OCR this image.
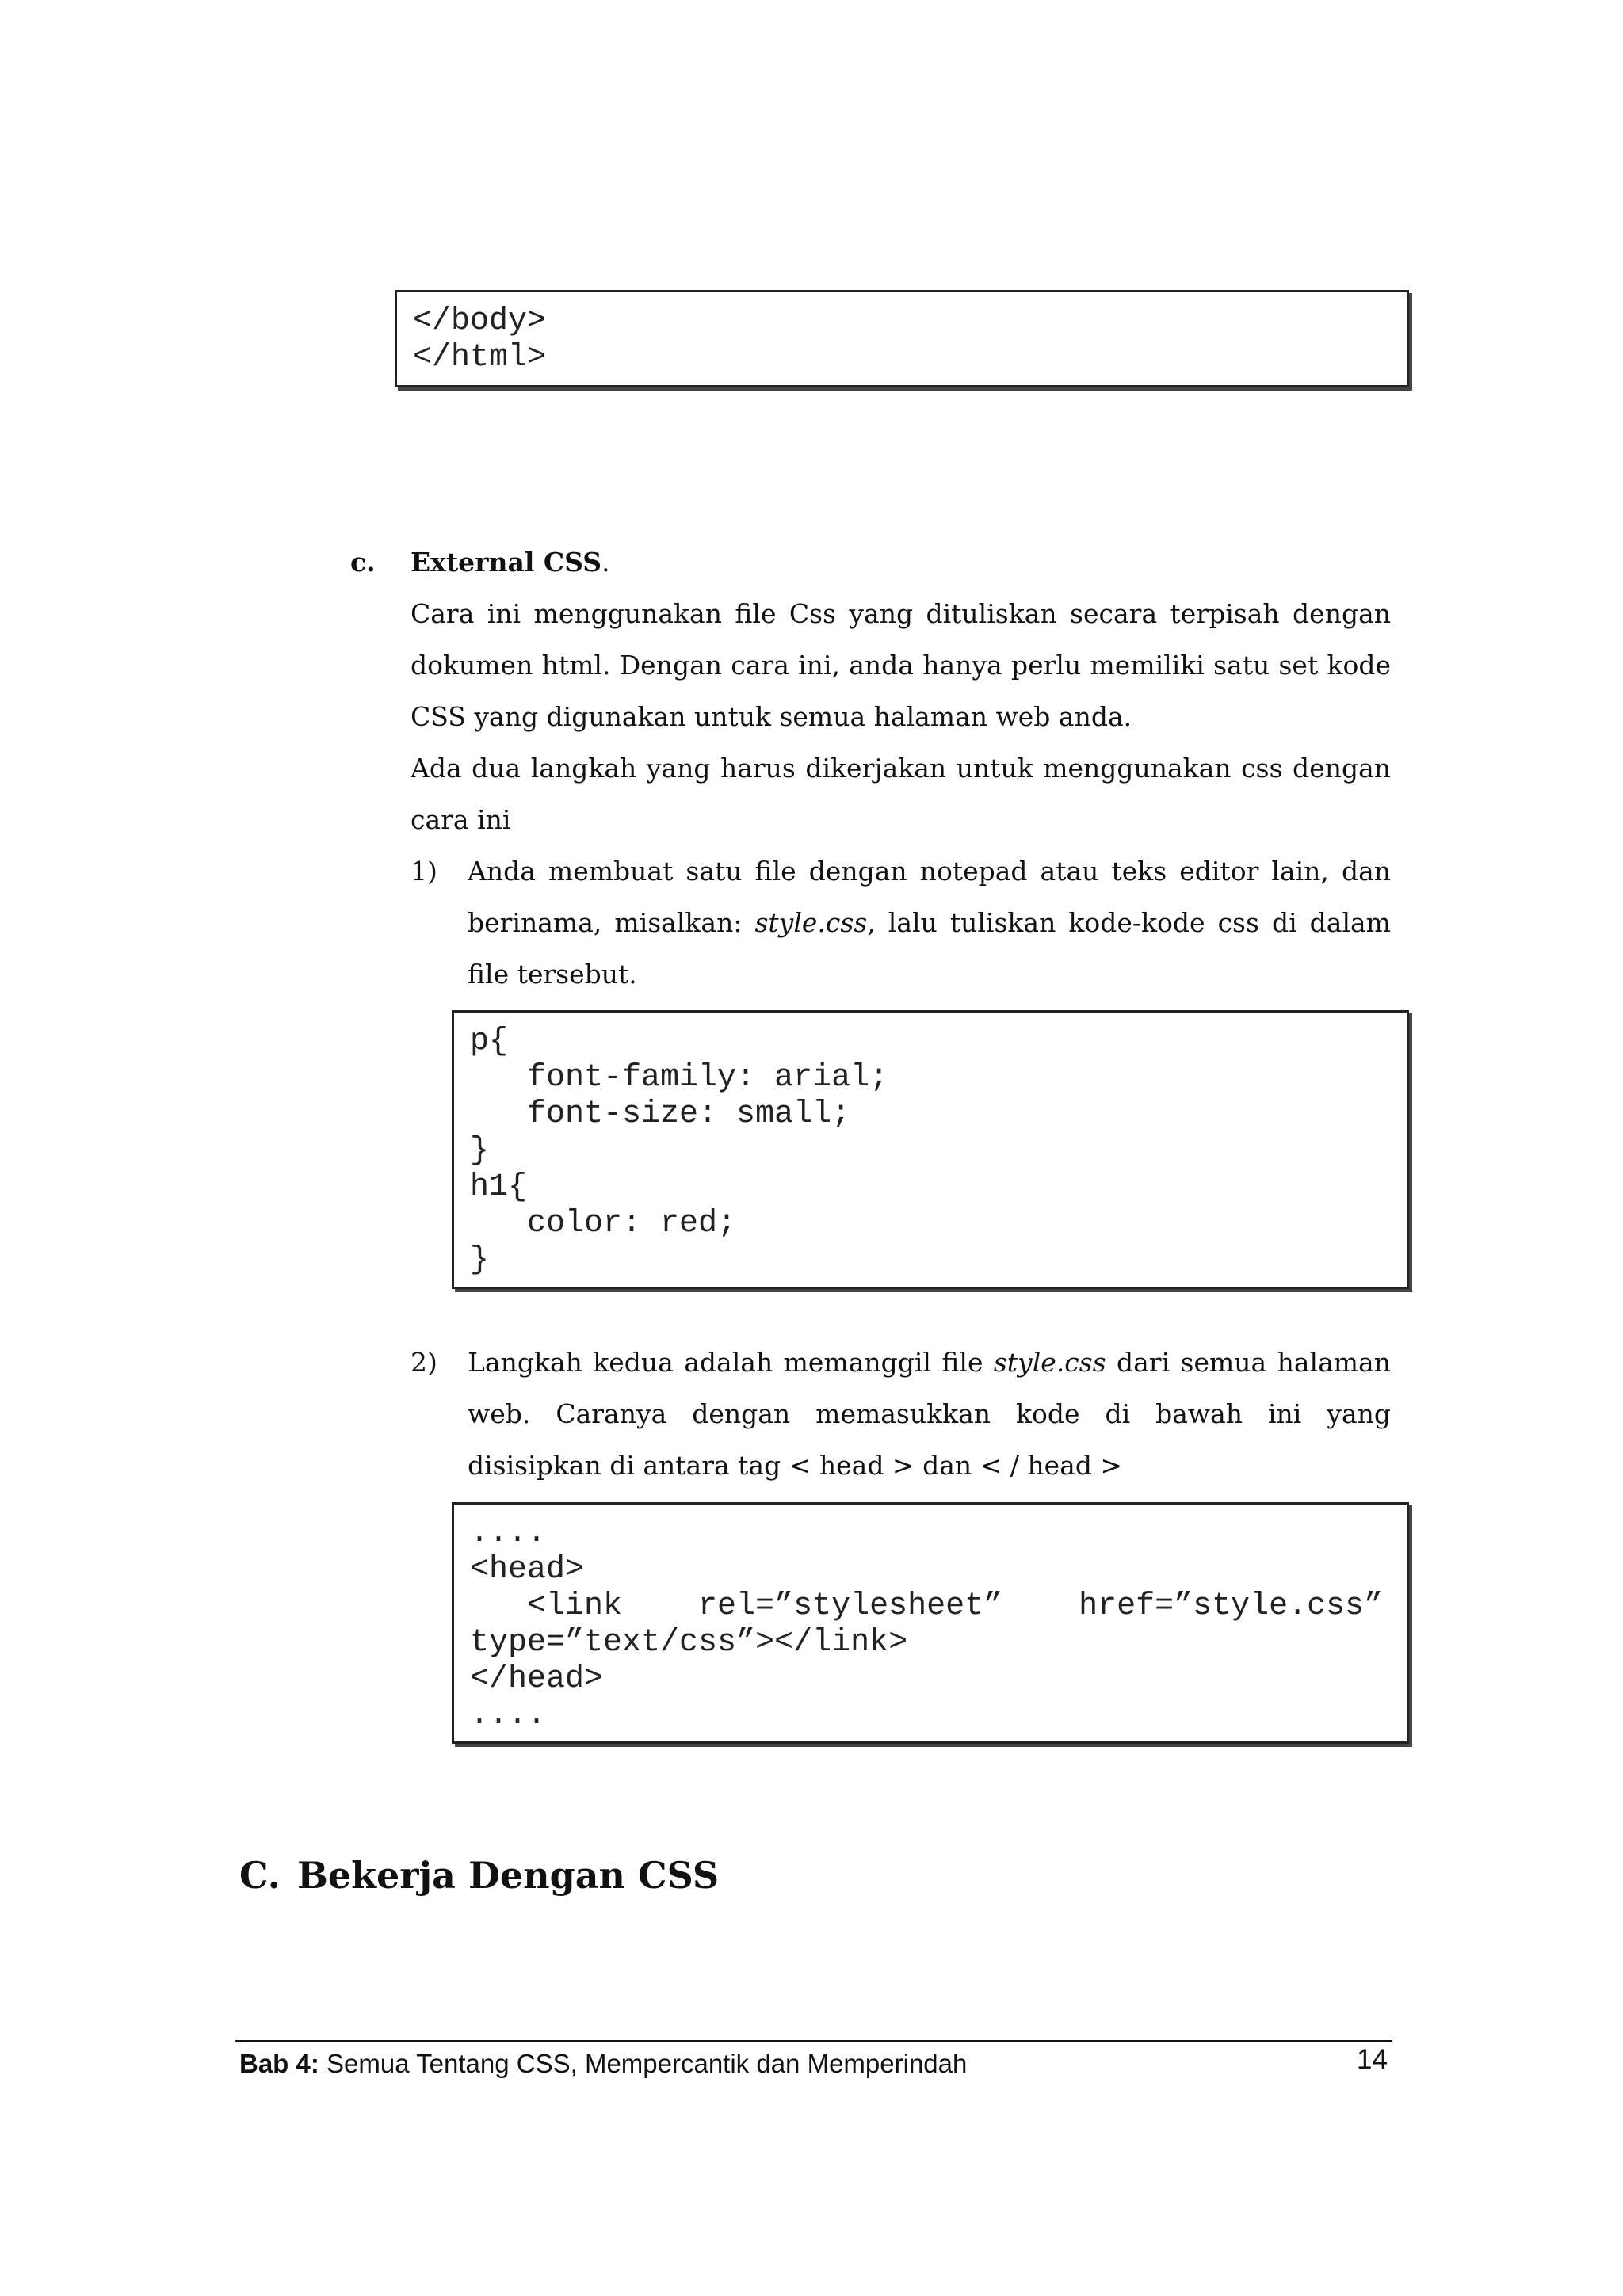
</body>
</html>
c. External CSS.
Cara ini menggunakan file Css yang dituliskan secara terpisah dengan dokumen html. Dengan cara ini, anda hanya perlu memiliki satu set kode CSS yang digunakan untuk semua halaman web anda.
Ada dua langkah yang harus dikerjakan untuk menggunakan css dengan cara ini
1) Anda membuat satu file dengan notepad atau teks editor lain, dan berinama, misalkan: style.css, lalu tuliskan kode-kode css di dalam file tersebut.
p{
font-family: arial;
font-size: small;
}
h1{
color: red;
}
2) Langkah kedua adalah memanggil file style.css dari semua halaman web. Caranya dengan memasukkan kode di bawah ini yang disisipkan di antara tag < head > dan < / head >
....
<head>
<link    rel=”stylesheet”    href=”style.css”
type=”text/css”></link>
</head>
....
C. Bekerja Dengan CSS
Bab 4: Semua Tentang CSS, Mempercantik dan Memperindah	14
